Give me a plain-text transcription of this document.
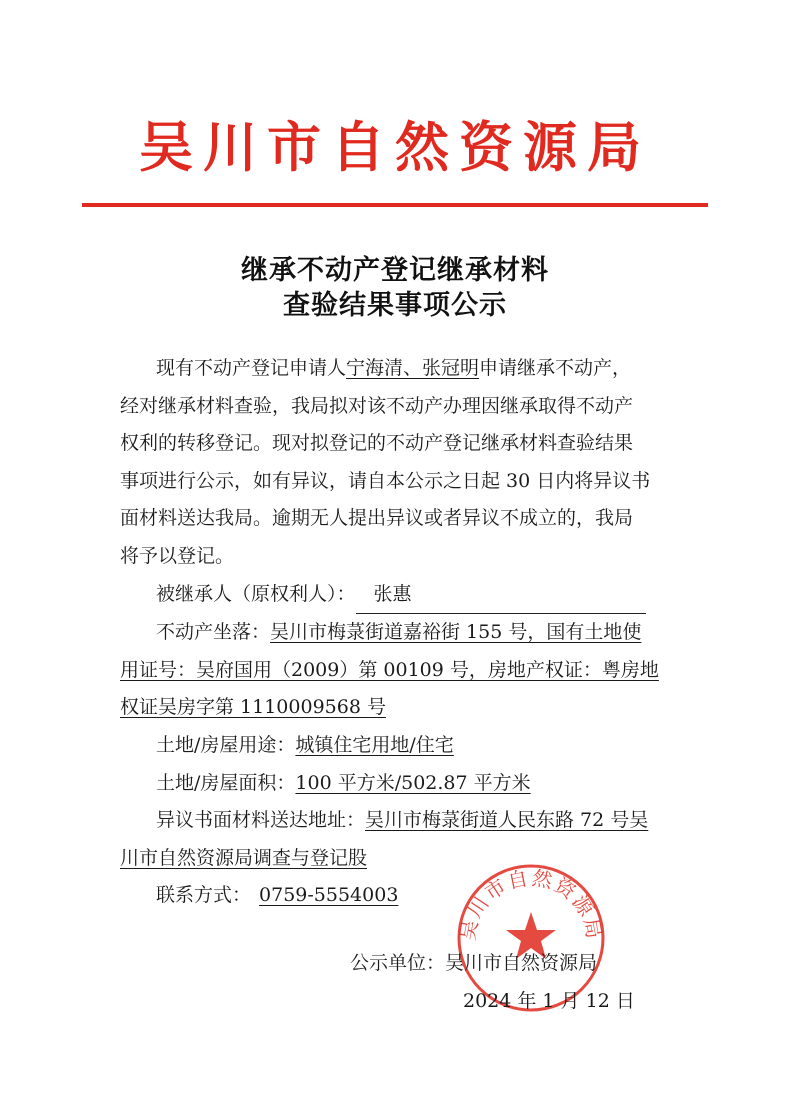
吴川市自然资源局
继承不动产登记继承材料
查验结果事项公示
现有不动产登记申请人宁海清、张冠明申请继承不动产，
经对继承材料查验，我局拟对该不动产办理因继承取得不动产
权利的转移登记。现对拟登记的不动产登记继承材料查验结果
事项进行公示，如有异议，请自本公示之日起 30 日内将异议书
面材料送达我局。逾期无人提出异议或者异议不成立的，我局
将予以登记。
被继承人（原权利人）： 张惠
不动产坐落：吴川市梅菉街道嘉裕街 155 号，国有土地使
用证号：吴府国用（2009）第 00109 号，房地产权证：粤房地
权证吴房字第 1110009568 号
土地/房屋用途：城镇住宅用地/住宅
土地/房屋面积：100 平方米/502.87 平方米
异议书面材料送达地址：吴川市梅菉街道人民东路 72 号吴
川市自然资源局调查与登记股
联系方式： 0759-5554003
吴川市自然资源局
公示单位：吴川市自然资源局
2024 年 1 月 12 日
